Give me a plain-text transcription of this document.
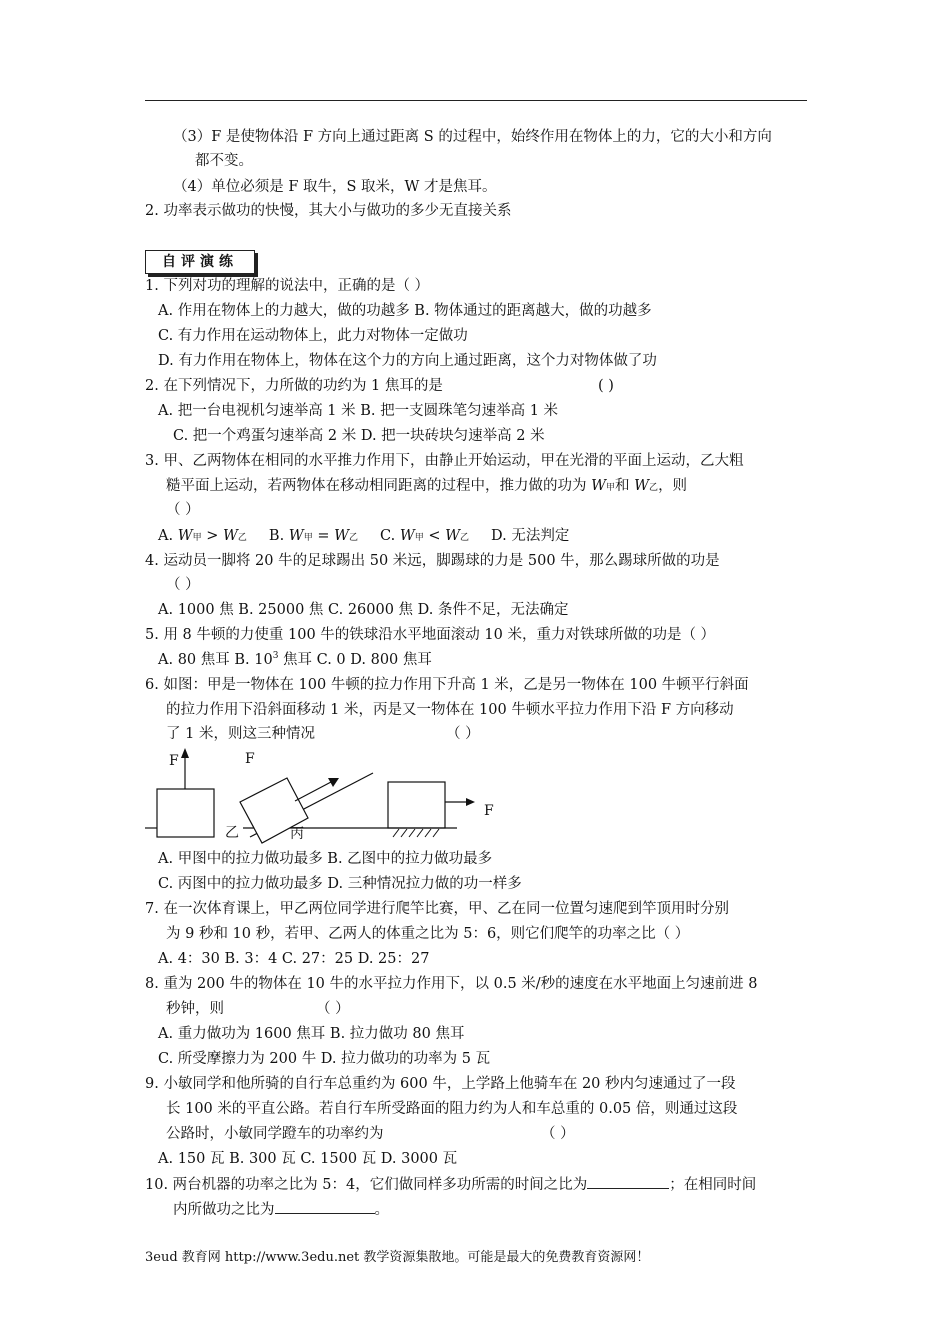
（3）F 是使物体沿 F 方向上通过距离 S 的过程中，始终作用在物体上的力，它的大小和方向
都不变。
（4）单位必须是 F 取牛，S 取米，W 才是焦耳。
2. 功率表示做功的快慢，其大小与做功的多少无直接关系
自评演练
1. 下列对功的理解的说法中，正确的是（ ）
A. 作用在物体上的力越大，做的功越多 B. 物体通过的距离越大，做的功越多
C. 有力作用在运动物体上，此力对物体一定做功
D. 有力作用在物体上，物体在这个力的方向上通过距离，这个力对物体做了功
2. 在下列情况下，力所做的功约为 1 焦耳的是	( )
A. 把一台电视机匀速举高 1 米 B. 把一支圆珠笔匀速举高 1 米
C. 把一个鸡蛋匀速举高 2 米 D. 把一块砖块匀速举高 2 米
3. 甲、乙两物体在相同的水平推力作用下，由静止开始运动，甲在光滑的平面上运动，乙大粗
糙平面上运动，若两物体在移动相同距离的过程中，推力做的功为 W甲和 W乙，则
（ ）
A. W甲 > W乙 B. W甲 = W乙 C. W甲 < W乙 D. 无法判定
4. 运动员一脚将 20 牛的足球踢出 50 米远，脚踢球的力是 500 牛，那么踢球所做的功是
（ ）
A. 1000 焦 B. 25000 焦 C. 26000 焦 D. 条件不足，无法确定
5. 用 8 牛顿的力使重 100 牛的铁球沿水平地面滚动 10 米，重力对铁球所做的功是（ ）
A. 80 焦耳 B. $10^3$ 焦耳 C. 0 D. 800 焦耳
6. 如图：甲是一物体在 100 牛顿的拉力作用下升高 1 米，乙是另一物体在 100 牛顿平行斜面
的拉力作用下沿斜面移动 1 米，丙是又一物体在 100 牛顿水平拉力作用下沿 F 方向移动
了 1 米，则这三种情况	（ ）
F
乙
F
丙
F
A. 甲图中的拉力做功最多 B. 乙图中的拉力做功最多
C. 丙图中的拉力做功最多 D. 三种情况拉力做的功一样多
7. 在一次体育课上，甲乙两位同学进行爬竿比赛，甲、乙在同一位置匀速爬到竿顶用时分别
为 9 秒和 10 秒，若甲、乙两人的体重之比为 5：6，则它们爬竿的功率之比（ ）
A. 4：30 B. 3：4 C. 27：25 D. 25：27
8. 重为 200 牛的物体在 10 牛的水平拉力作用下，以 0.5 米/秒的速度在水平地面上匀速前进 8
秒钟，则	（ ）
A. 重力做功为 1600 焦耳 B. 拉力做功 80 焦耳
C. 所受摩擦力为 200 牛 D. 拉力做功的功率为 5 瓦
9. 小敏同学和他所骑的自行车总重约为 600 牛，上学路上他骑车在 20 秒内匀速通过了一段
长 100 米的平直公路。若自行车所受路面的阻力约为人和车总重的 0.05 倍，则通过这段
公路时，小敏同学蹬车的功率约为	（ ）
A. 150 瓦 B. 300 瓦 C. 1500 瓦 D. 3000 瓦
10. 两台机器的功率之比为 5：4，它们做同样多功所需的时间之比为	；在相同时间
内所做功之比为	。
3eud 教育网 http://www.3edu.net 教学资源集散地。可能是最大的免费教育资源网！
